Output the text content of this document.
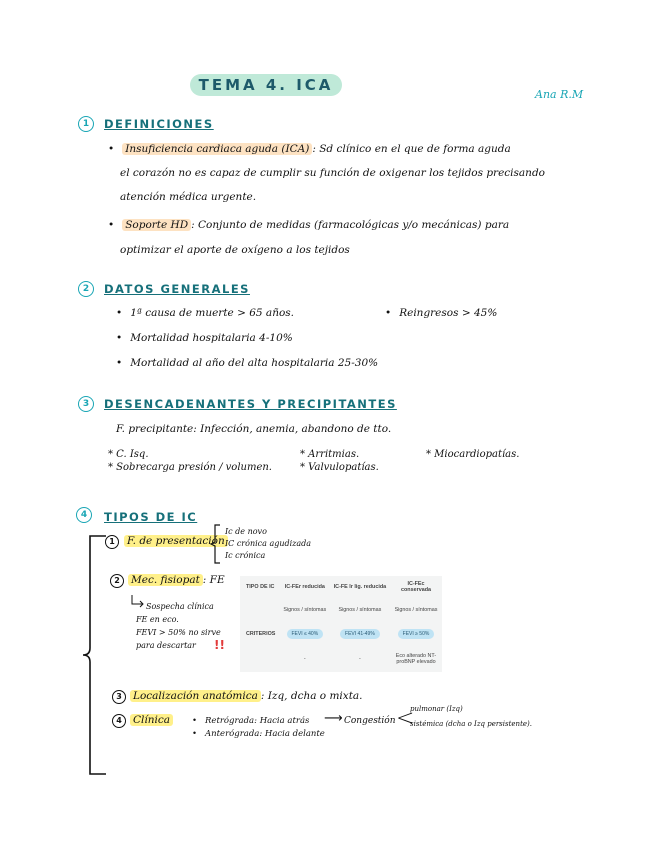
TEMA 4. ICA
Ana R.M
1	DEFINICIONES
• Insuficiencia cardiaca aguda (ICA) : Sd clínico en el que de forma aguda
el corazón no es capaz de cumplir su función de oxigenar los tejidos precisando
atención médica urgente.
• Soporte HD : Conjunto de medidas (farmacológicas y/o mecánicas) para
optimizar el aporte de oxígeno a los tejidos
2	DATOS GENERALES
• 1ª causa de muerte > 65 años.	• Reingresos > 45%
• Mortalidad hospitalaria 4-10%
• Mortalidad al año del alta hospitalaria 25-30%
3	DESENCADENANTES Y PRECIPITANTES
F. precipitante: Infección, anemia, abandono de tto.
* C. Isq.
* Sobrecarga presión / volumen.
* Arritmias.
* Valvulopatías.
* Miocardiopatías.
4	TIPOS DE IC
1	F. de presentación
Ic de novo
IC crónica agudizada
Ic crónica
2	Mec. fisiopat : FE
Sospecha clínica
FE en eco.
FEVI > 50% no sirve
para descartar !!
TIPO DE IC	IC-FEr reducida	IC-FE lr lig. reducida	IC-FEc conservada
	Signos / síntomas	Signos / síntomas	Signos / síntomas
CRITERIOS	FEVI ≤ 40%	FEVI 41-49%	FEVI ≥ 50%
	-	-	Eco alterado NT-proBNP elevado
3	Localización anatómica : Izq, dcha o mixta.
4	Clínica	• Retrógrada: Hacia atrás ⟶ Congestión <
pulmonar (Izq)
sistémica (dcha o Izq persistente).
• Anterógrada: Hacia delante
